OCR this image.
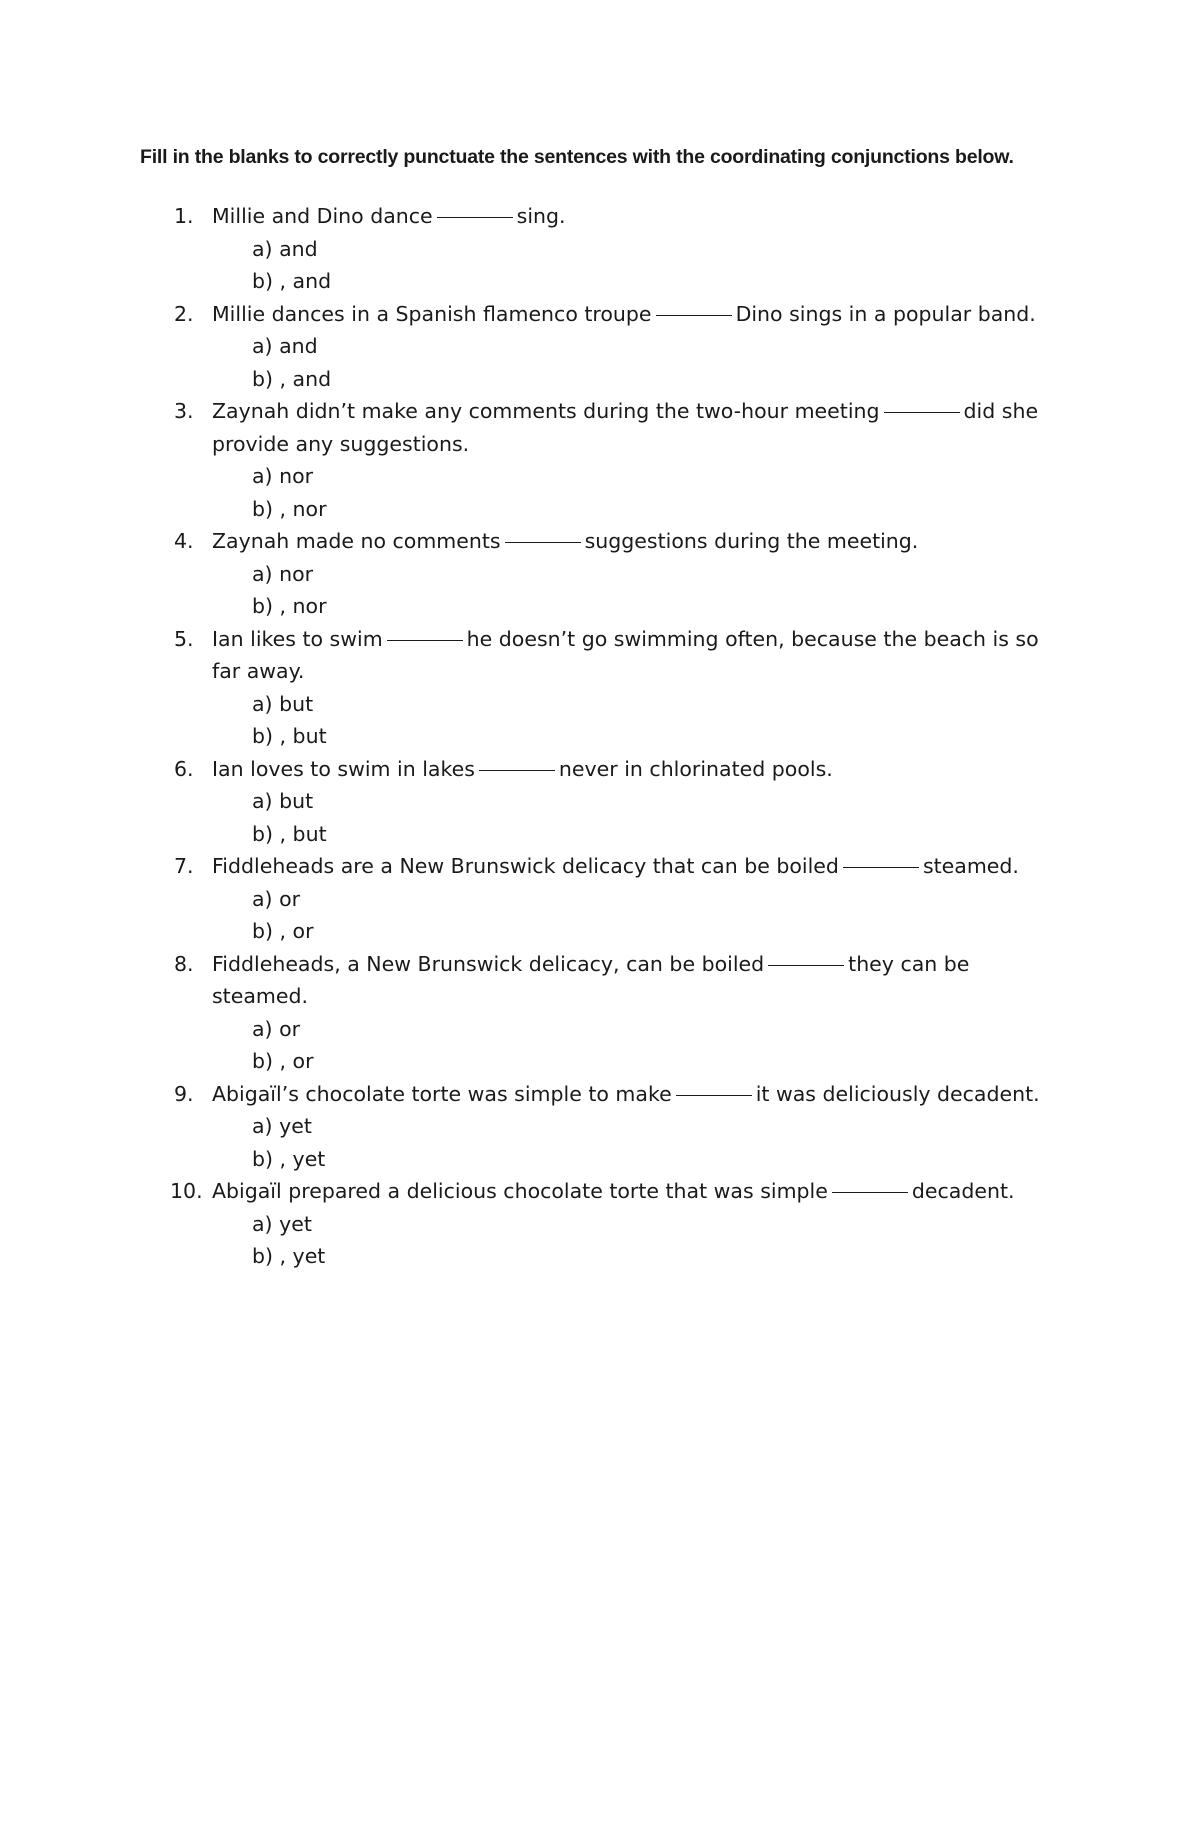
Fill in the blanks to correctly punctuate the sentences with the coordinating conjunctions below.
1. Millie and Dino dance	sing.
a) and
b) , and
2. Millie dances in a Spanish flamenco troupe	Dino sings in a popular band.
a) and
b) , and
3. Zaynah didn’t make any comments during the two-hour meeting	did she provide any suggestions.
a) nor
b) , nor
4. Zaynah made no comments	suggestions during the meeting.
a) nor
b) , nor
5. Ian likes to swim	he doesn’t go swimming often, because the beach is so far away.
a) but
b) , but
6. Ian loves to swim in lakes	never in chlorinated pools.
a) but
b) , but
7. Fiddleheads are a New Brunswick delicacy that can be boiled	steamed.
a) or
b) , or
8. Fiddleheads, a New Brunswick delicacy, can be boiled	they can be steamed.
a) or
b) , or
9. Abigaïl’s chocolate torte was simple to make	it was deliciously decadent.
a) yet
b) , yet
10. Abigaïl prepared a delicious chocolate torte that was simple	decadent.
a) yet
b) , yet
